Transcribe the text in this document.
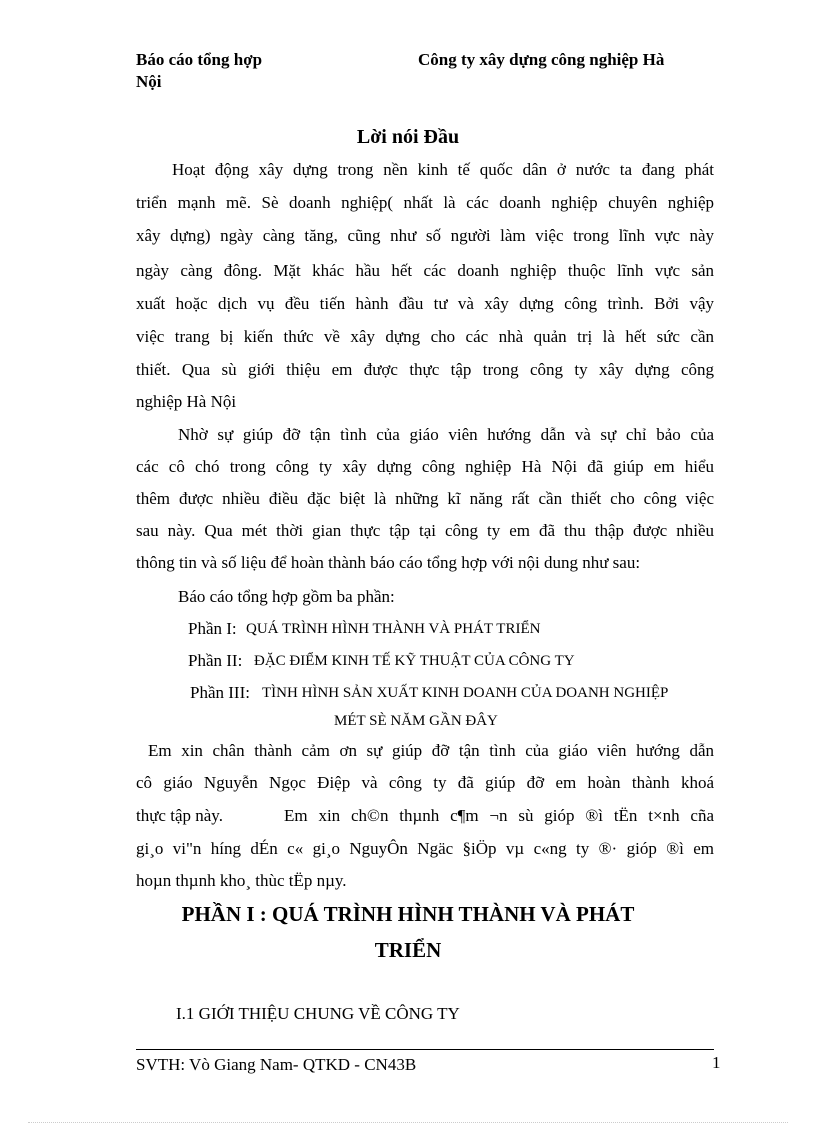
Báo cáo tổng hợp
Nội
Công ty xây dựng công nghiệp Hà
Lời nói Đầu
Hoạt động xây dựng trong nền kinh tế quốc dân ở nước ta đang phát
triển mạnh mẽ. Sè doanh nghiệp( nhất là các doanh nghiệp chuyên nghiệp
xây dựng) ngày càng tăng, cũng như số người làm việc trong lĩnh vực này
ngày càng đông. Mặt khác hầu hết các doanh nghiệp thuộc lĩnh vực sản
xuất hoặc dịch vụ đều tiến hành đầu tư và xây dựng công trình. Bởi vậy
việc trang bị kiến thức về xây dựng cho các nhà quản trị là hết sức cần
thiết. Qua sù giới thiệu em được thực tập trong công ty xây dựng công
nghiệp Hà Nội
Nhờ sự giúp đỡ tận tình của giáo viên hướng dẫn và sự chỉ bảo của
các cô chó trong công ty xây dựng công nghiệp Hà Nội đã giúp em hiểu
thêm được nhiều điều đặc biệt là những kĩ năng rất cần thiết cho công việc
sau này. Qua mét thời gian thực tập tại công ty em đã thu thập được nhiều
thông tin và số liệu để hoàn thành báo cáo tổng hợp với nội dung như sau:
Báo cáo tổng hợp gồm ba phần:
Phần I: QUÁ TRÌNH HÌNH THÀNH VÀ PHÁT TRIỂN
Phần II: ĐẶC ĐIỂM KINH TẾ KỸ THUẬT CỦA CÔNG TY
Phần III: TÌNH HÌNH SẢN XUẤT KINH DOANH CỦA DOANH NGHIỆP
MÉT SÈ NĂM GẦN ĐÂY
Em xin chân thành cảm ơn sự giúp đỡ tận tình của giáo viên hướng dẫn
cô giáo Nguyễn Ngọc Điệp và công ty đã giúp đỡ em hoàn thành khoá
thực tập này.	Em xin ch©n thµnh c¶m ¬n sù gióp ®ì tËn t×nh cña
gi¸o vi"n híng dÉn c« gi¸o NguyÔn Ngäc §iÖp vµ c«ng ty ®· gióp ®ì em
hoµn thµnh kho¸ thùc tËp nµy.
PHẦN I : QUÁ TRÌNH HÌNH THÀNH VÀ PHÁT
TRIỂN
I.1 GIỚI THIỆU CHUNG VỀ CÔNG TY
SVTH: Vò Giang Nam- QTKD - CN43B	1
